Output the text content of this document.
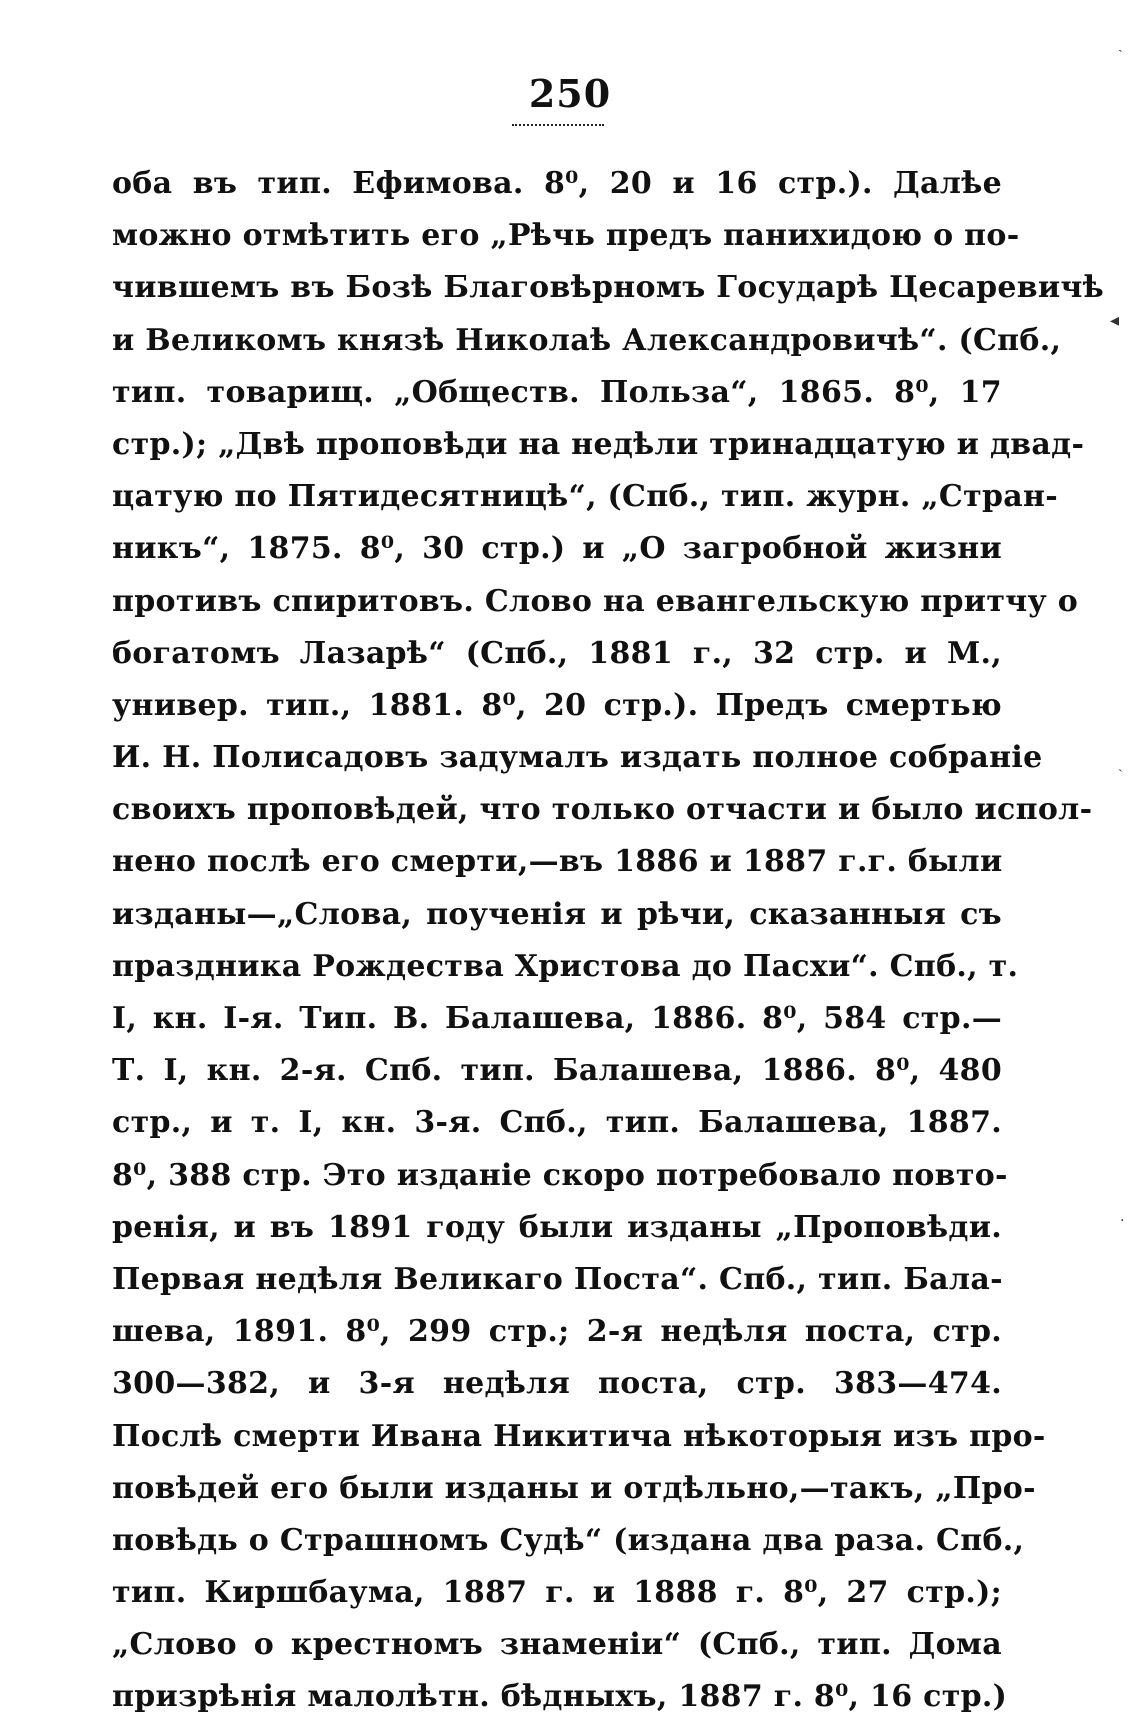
250
оба въ тип. Ефимова. 8⁰, 20 и 16 стр.). Далѣе
можно отмѣтить его „Рѣчь предъ панихидою о по-
чившемъ въ Бозѣ Благовѣрномъ Государѣ Цесаревичѣ
и Великомъ князѣ Николаѣ Александровичѣ“. (Спб.,
тип. товарищ. „Обществ. Польза“, 1865. 8⁰, 17
стр.); „Двѣ проповѣди на недѣли тринадцатую и двад-
цатую по Пятидесятницѣ“, (Спб., тип. журн. „Стран-
никъ“, 1875. 8⁰, 30 стр.) и „О загробной жизни
противъ спиритовъ. Слово на евангельскую притчу о
богатомъ Лазарѣ“ (Спб., 1881 г., 32 стр. и М.,
универ. тип., 1881. 8⁰, 20 стр.). Предъ смертью
И. Н. Полисадовъ задумалъ издать полное собраніе
своихъ проповѣдей, что только отчасти и было испол-
нено послѣ его смерти,—въ 1886 и 1887 г.г. были
изданы—„Слова, поученія и рѣчи, сказанныя съ
праздника Рождества Христова до Пасхи“. Спб., т.
I, кн. I-я. Тип. В. Балашева, 1886. 8⁰, 584 стр.—
Т. I, кн. 2-я. Спб. тип. Балашева, 1886. 8⁰, 480
стр., и т. I, кн. 3-я. Спб., тип. Балашева, 1887.
8⁰, 388 стр. Это изданіе скоро потребовало повто-
ренія, и въ 1891 году были изданы „Проповѣди.
Первая недѣля Великаго Поста“. Спб., тип. Бала-
шева, 1891. 8⁰, 299 стр.; 2-я недѣля поста, стр.
300—382, и 3-я недѣля поста, стр. 383—474.
Послѣ смерти Ивана Никитича нѣкоторыя изъ про-
повѣдей его были изданы и отдѣльно,—такъ, „Про-
повѣдь о Страшномъ Судѣ“ (издана два раза. Спб.,
тип. Киршбаума, 1887 г. и 1888 г. 8⁰, 27 стр.);
„Слово о крестномъ знаменіи“ (Спб., тип. Дома
призрѣнія малолѣтн. бѣдныхъ, 1887 г. 8⁰, 16 стр.)
◂
ˏ
˴
·
